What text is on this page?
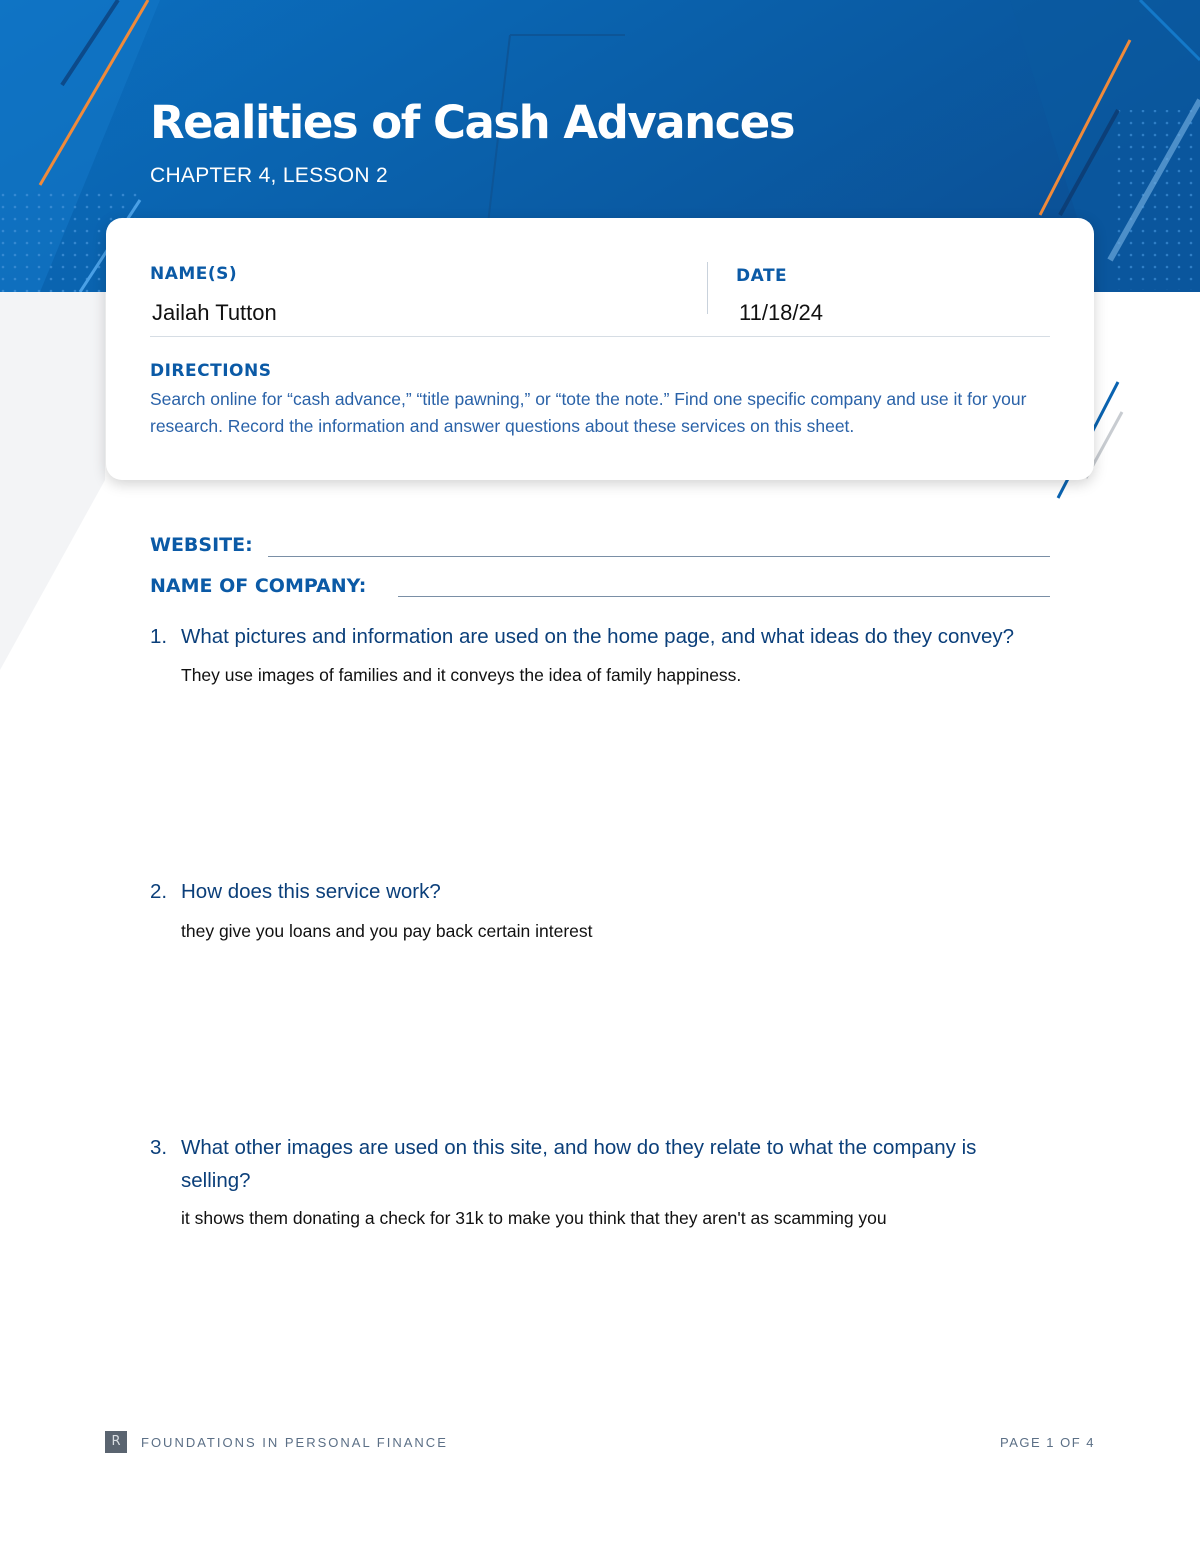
Realities of Cash Advances
CHAPTER 4, LESSON 2
NAME(S)
Jailah Tutton
DATE
11/18/24
DIRECTIONS
Search online for “cash advance,” “title pawning,” or “tote the note.” Find one specific company and use it for your research. Record the information and answer questions about these services on this sheet.
WEBSITE:
NAME OF COMPANY:
1. What pictures and information are used on the home page, and what ideas do they convey?
They use images of families and it conveys the idea of family happiness.
2. How does this service work?
they give you loans and you pay back certain interest
3. What other images are used on this site, and how do they relate to what the company is selling?
it shows them donating a check for 31k to make you think that they aren't as scamming you
R	FOUNDATIONS IN PERSONAL FINANCE	PAGE 1 OF 4
